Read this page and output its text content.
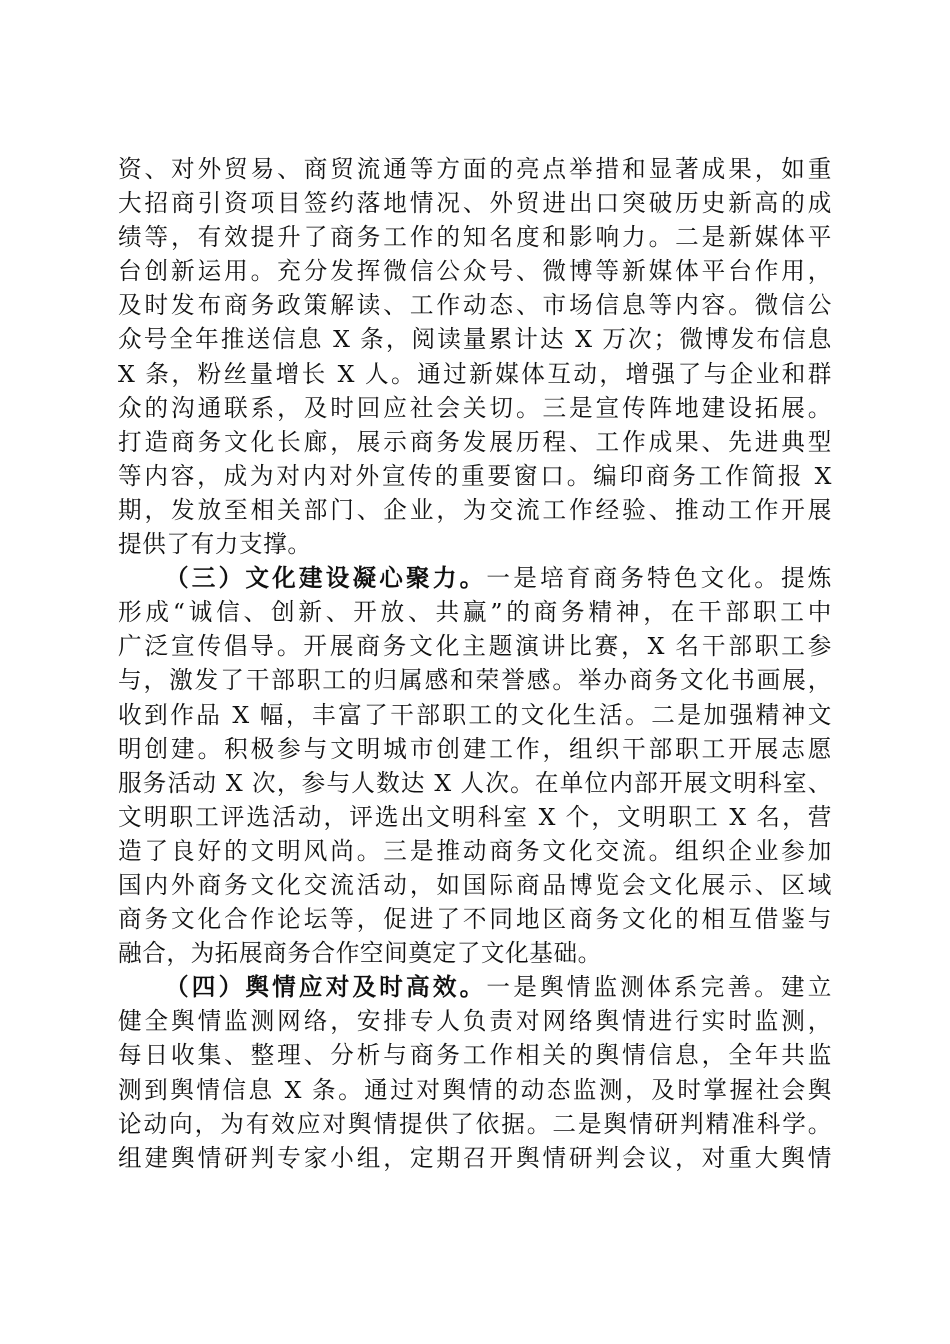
资、对外贸易、商贸流通等方面的亮点举措和显著成果，如重
大招商引资项目签约落地情况、外贸进出口突破历史新高的成
绩等，有效提升了商务工作的知名度和影响力。二是新媒体平
台创新运用。充分发挥微信公众号、微博等新媒体平台作用，
及时发布商务政策解读、工作动态、市场信息等内容。微信公
众号全年推送信息 X 条，阅读量累计达 X 万次；微博发布信息
X 条，粉丝量增长 X 人。通过新媒体互动，增强了与企业和群
众的沟通联系，及时回应社会关切。三是宣传阵地建设拓展。
打造商务文化长廊，展示商务发展历程、工作成果、先进典型
等内容，成为对内对外宣传的重要窗口。编印商务工作简报 X
期，发放至相关部门、企业，为交流工作经验、推动工作开展
提供了有力支撑。
（三）文化建设凝心聚力。一是培育商务特色文化。提炼
形成“诚信、创新、开放、共赢”的商务精神，在干部职工中
广泛宣传倡导。开展商务文化主题演讲比赛，X 名干部职工参
与，激发了干部职工的归属感和荣誉感。举办商务文化书画展，
收到作品 X 幅，丰富了干部职工的文化生活。二是加强精神文
明创建。积极参与文明城市创建工作，组织干部职工开展志愿
服务活动 X 次，参与人数达 X 人次。在单位内部开展文明科室、
文明职工评选活动，评选出文明科室 X 个，文明职工 X 名，营
造了良好的文明风尚。三是推动商务文化交流。组织企业参加
国内外商务文化交流活动，如国际商品博览会文化展示、区域
商务文化合作论坛等，促进了不同地区商务文化的相互借鉴与
融合，为拓展商务合作空间奠定了文化基础。
（四）舆情应对及时高效。一是舆情监测体系完善。建立
健全舆情监测网络，安排专人负责对网络舆情进行实时监测，
每日收集、整理、分析与商务工作相关的舆情信息，全年共监
测到舆情信息 X 条。通过对舆情的动态监测，及时掌握社会舆
论动向，为有效应对舆情提供了依据。二是舆情研判精准科学。
组建舆情研判专家小组，定期召开舆情研判会议，对重大舆情
